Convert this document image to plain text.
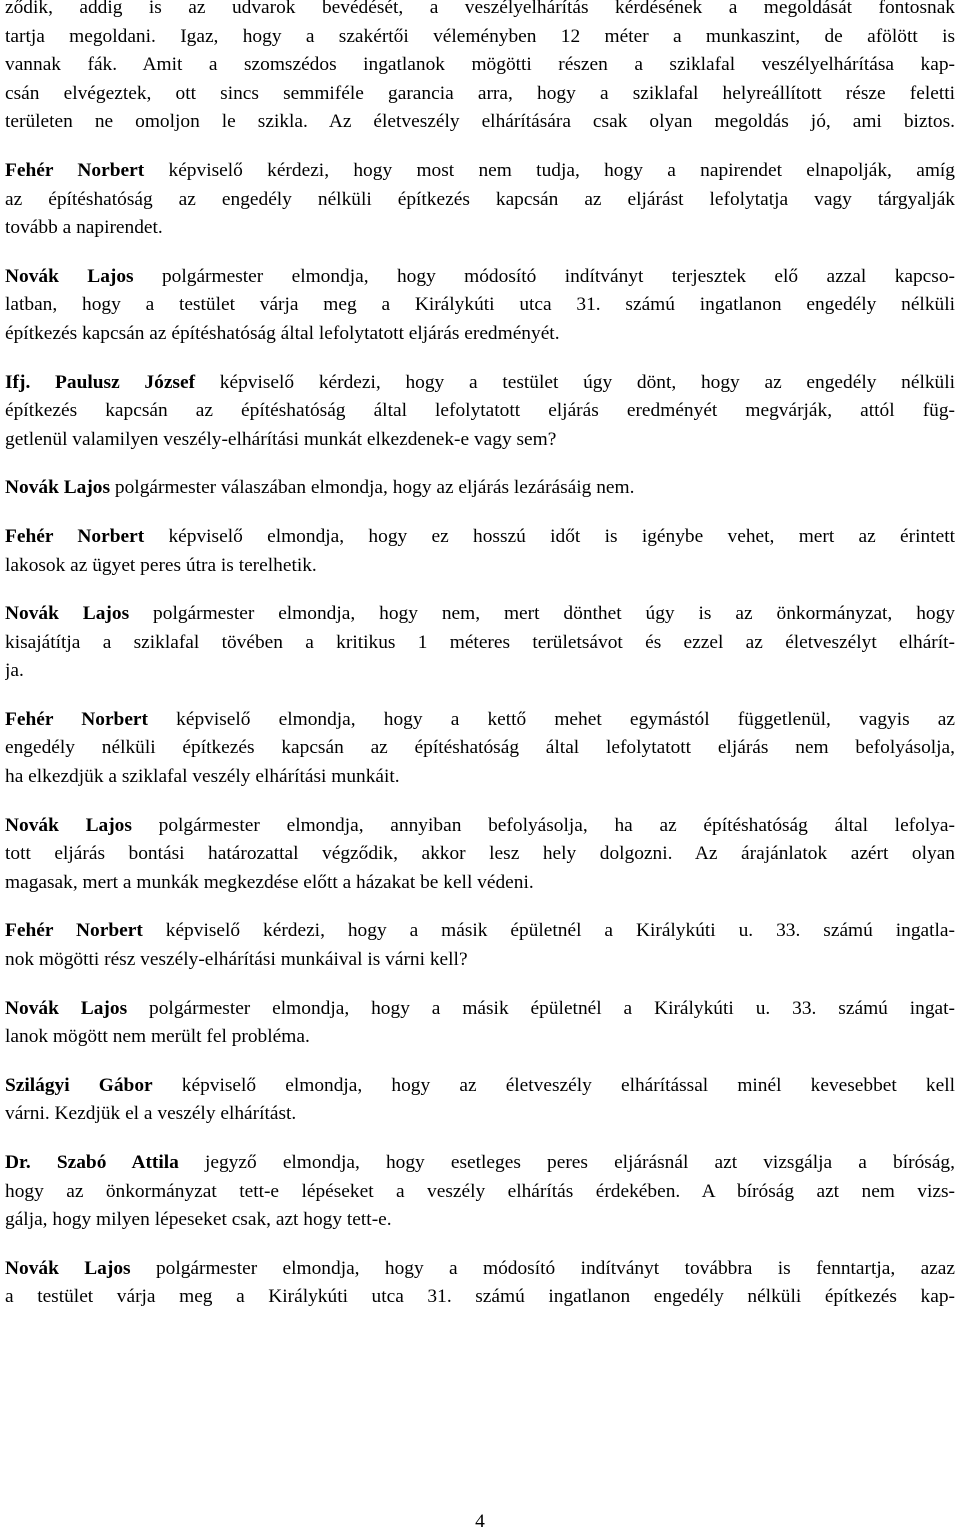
ződik, addig is az udvarok bevédését, a veszélyelhárítás kérdésének a megoldását fontosnak
tartja megoldani. Igaz, hogy a szakértői véleményben 12 méter a munkaszint, de afölött is
vannak fák. Amit a szomszédos ingatlanok mögötti részen a sziklafal veszélyelhárítása kap-
csán elvégeztek, ott sincs semmiféle garancia arra, hogy a sziklafal helyreállított része feletti
területen ne omoljon le szikla. Az életveszély elhárítására csak olyan megoldás jó, ami biztos.

Fehér Norbert képviselő kérdezi, hogy most nem tudja, hogy a napirendet elnapolják, amíg
az építéshatóság az engedély nélküli építkezés kapcsán az eljárást lefolytatja vagy tárgyalják
tovább a napirendet.

Novák Lajos polgármester elmondja, hogy módosító indítványt terjesztek elő azzal kapcso-
latban, hogy a testület várja meg a Királykúti utca 31. számú ingatlanon engedély nélküli
építkezés kapcsán az építéshatóság által lefolytatott eljárás eredményét.

Ifj. Paulusz József képviselő kérdezi, hogy a testület úgy dönt, hogy az engedély nélküli
építkezés kapcsán az építéshatóság által lefolytatott eljárás eredményét megvárják, attól füg-
getlenül valamilyen veszély-elhárítási munkát elkezdenek-e vagy sem?

Novák Lajos polgármester válaszában elmondja, hogy az eljárás lezárásáig nem.

Fehér Norbert képviselő elmondja, hogy ez hosszú időt is igénybe vehet, mert az érintett
lakosok az ügyet peres útra is terelhetik.

Novák Lajos polgármester elmondja, hogy nem, mert dönthet úgy is az önkormányzat, hogy
kisajátítja a sziklafal tövében a kritikus 1 méteres területsávot és ezzel az életveszélyt elhárít-
ja.

Fehér Norbert képviselő elmondja, hogy a kettő mehet egymástól függetlenül, vagyis az
engedély nélküli építkezés kapcsán az építéshatóság által lefolytatott eljárás nem befolyásolja,
ha elkezdjük a sziklafal veszély elhárítási munkáit.

Novák Lajos polgármester elmondja, annyiban befolyásolja, ha az építéshatóság által lefolya-
tott eljárás bontási határozattal végződik, akkor lesz hely dolgozni. Az árajánlatok azért olyan
magasak, mert a munkák megkezdése előtt a házakat be kell védeni.

Fehér Norbert képviselő kérdezi, hogy a másik épületnél a Királykúti u. 33. számú ingatla-
nok mögötti rész veszély-elhárítási munkáival is várni kell?

Novák Lajos polgármester elmondja, hogy a másik épületnél a Királykúti u. 33. számú ingat-
lanok mögött nem merült fel probléma.

Szilágyi Gábor képviselő elmondja, hogy az életveszély elhárítással minél kevesebbet kell
várni. Kezdjük el a veszély elhárítást.

Dr. Szabó Attila jegyző elmondja, hogy esetleges peres eljárásnál azt vizsgálja a bíróság,
hogy az önkormányzat tett-e lépéseket a veszély elhárítás érdekében. A bíróság azt nem vizs-
gálja, hogy milyen lépeseket csak, azt hogy tett-e.

Novák Lajos polgármester elmondja, hogy a módosító indítványt továbbra is fenntartja, azaz
a testület várja meg a Királykúti utca 31. számú ingatlanon engedély nélküli építkezés kap-

4
